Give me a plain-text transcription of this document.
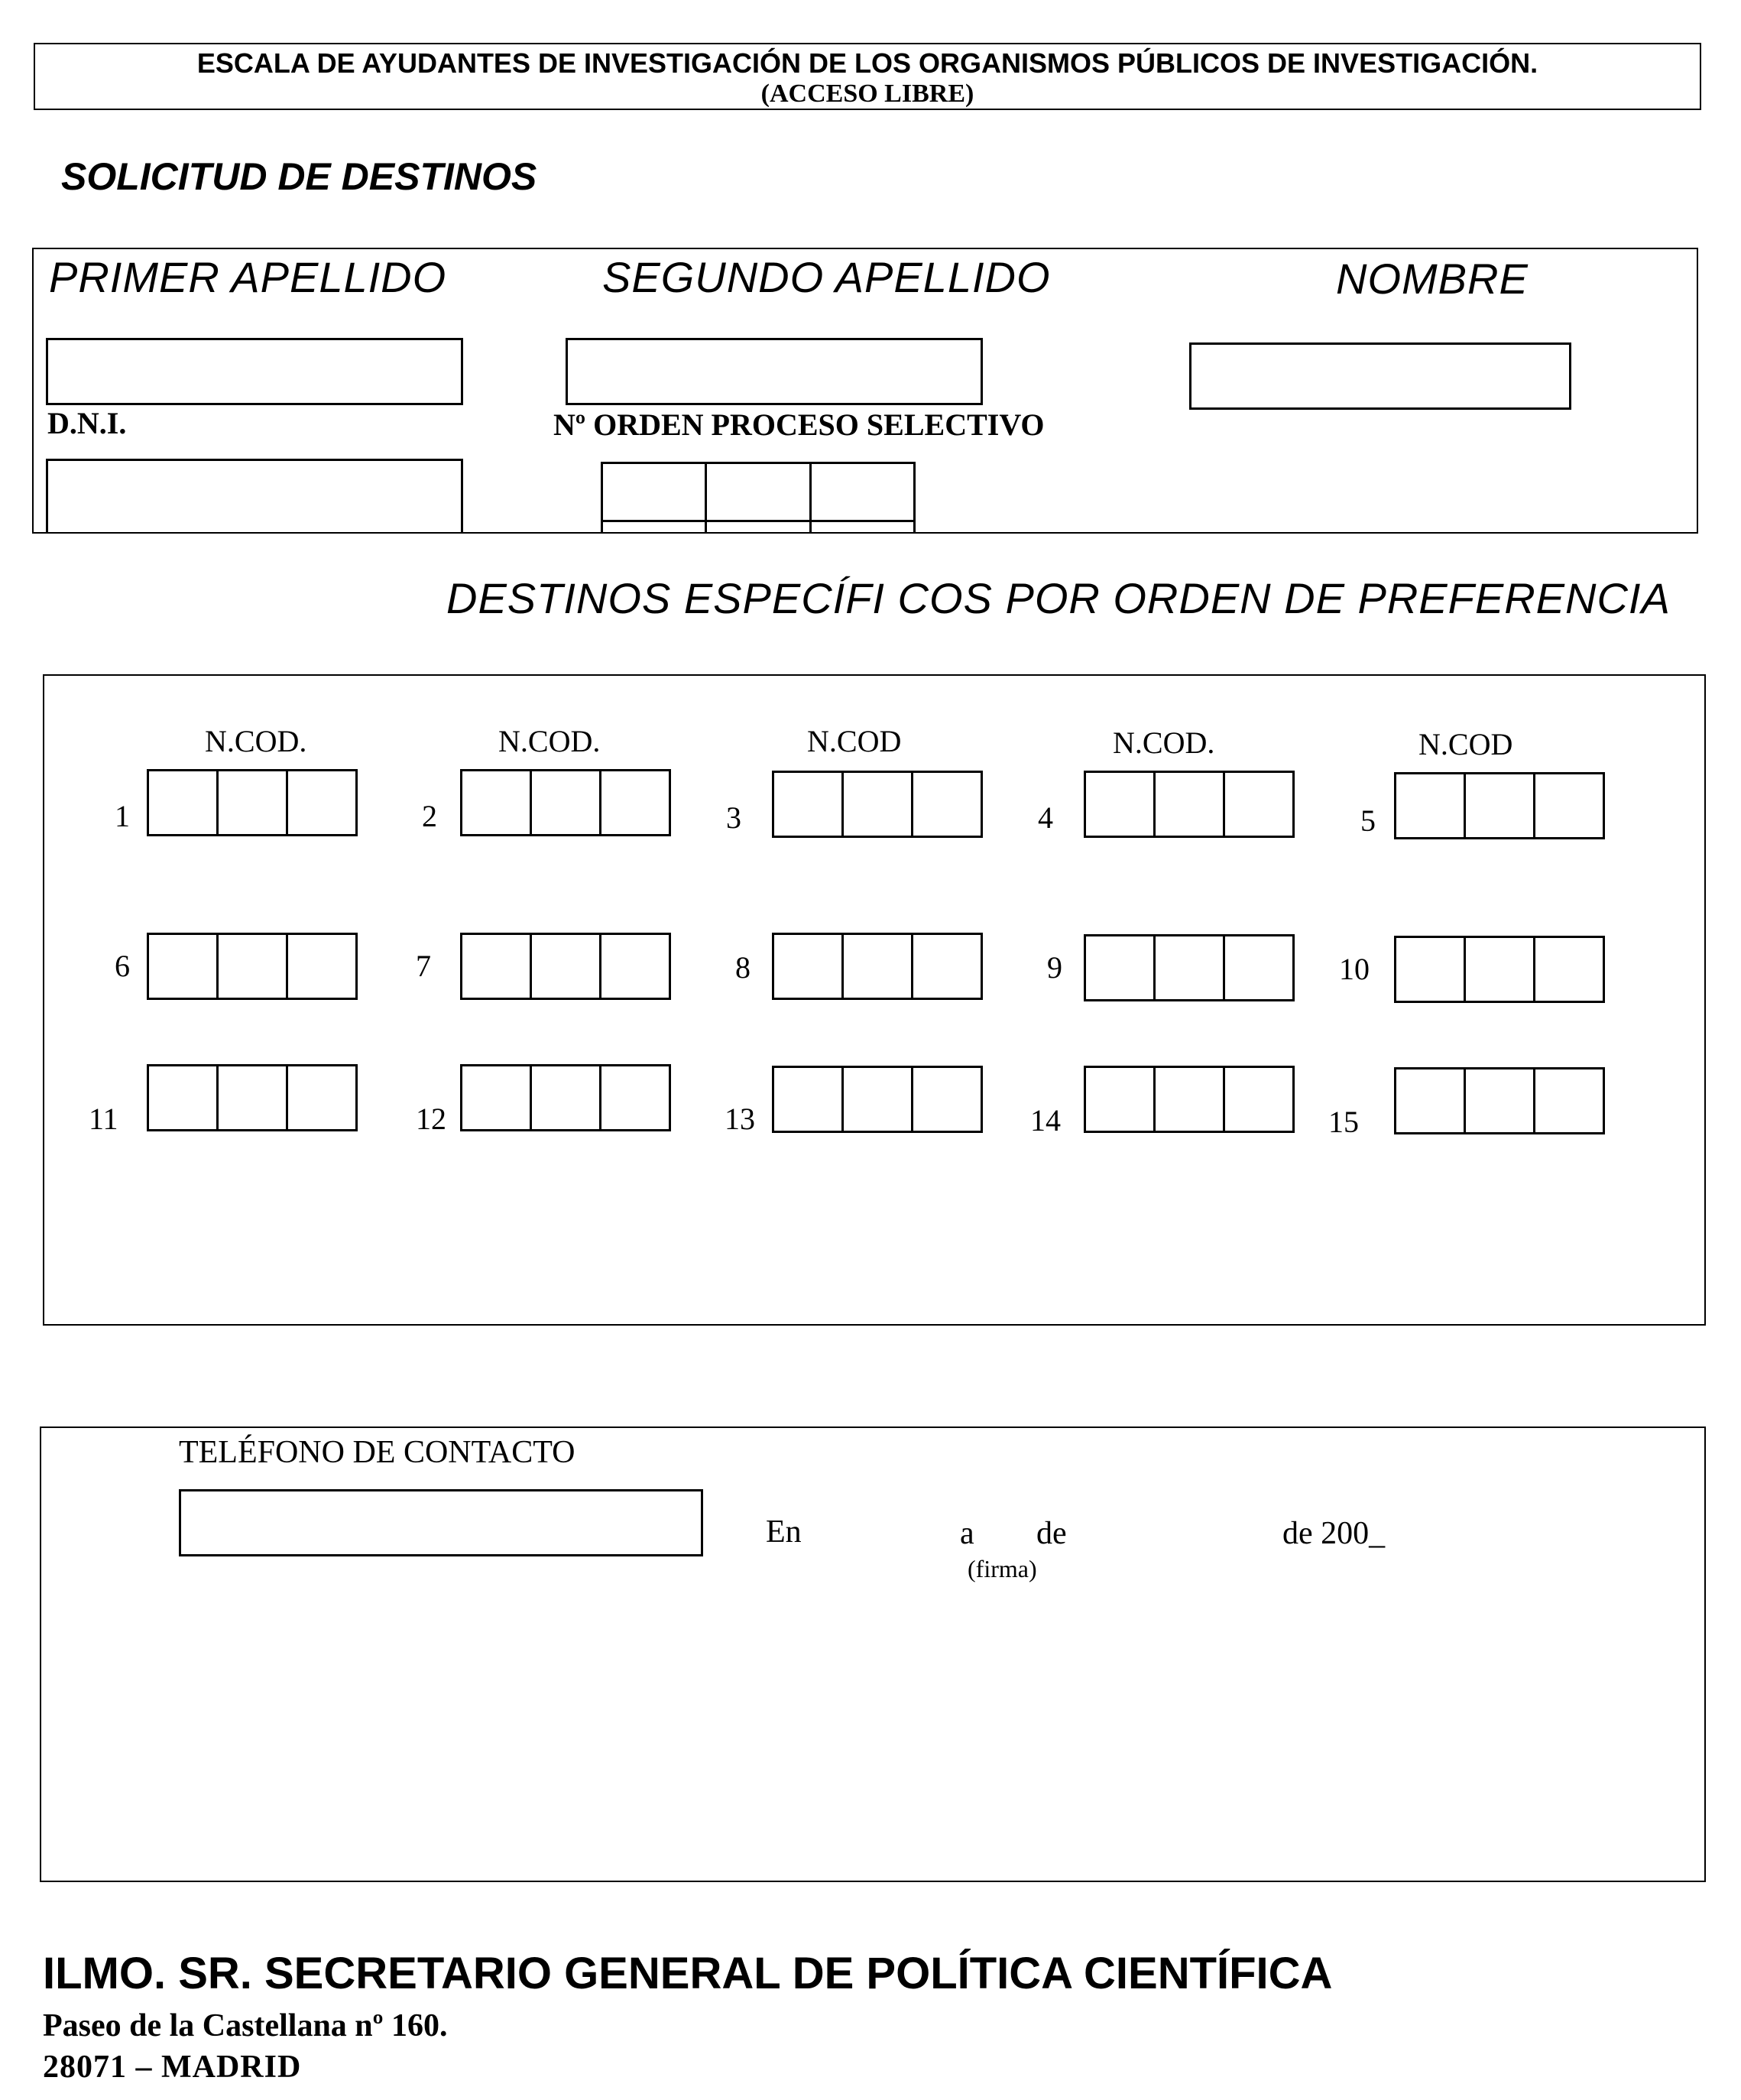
ESCALA DE AYUDANTES DE INVESTIGACIÓN DE LOS ORGANISMOS PÚBLICOS DE INVESTIGACIÓN.
(ACCESO LIBRE)
SOLICITUD DE DESTINOS
PRIMER APELLIDO	SEGUNDO APELLIDO	NOMBRE
D.N.I.	Nº ORDEN PROCESO SELECTIVO
DESTINOS ESPECÍFI COS POR ORDEN DE PREFERENCIA
N.COD.	N.COD.	N.COD	N.COD.	N.COD
1	2	3	4	5
6	7	8	9	10
11	12	13	14	15
TELÉFONO DE CONTACTO
En	a de	de 200_
(firma)
ILMO. SR. SECRETARIO GENERAL DE POLÍTICA CIENTÍFICA
Paseo de la Castellana nº 160.
28071 – MADRID
